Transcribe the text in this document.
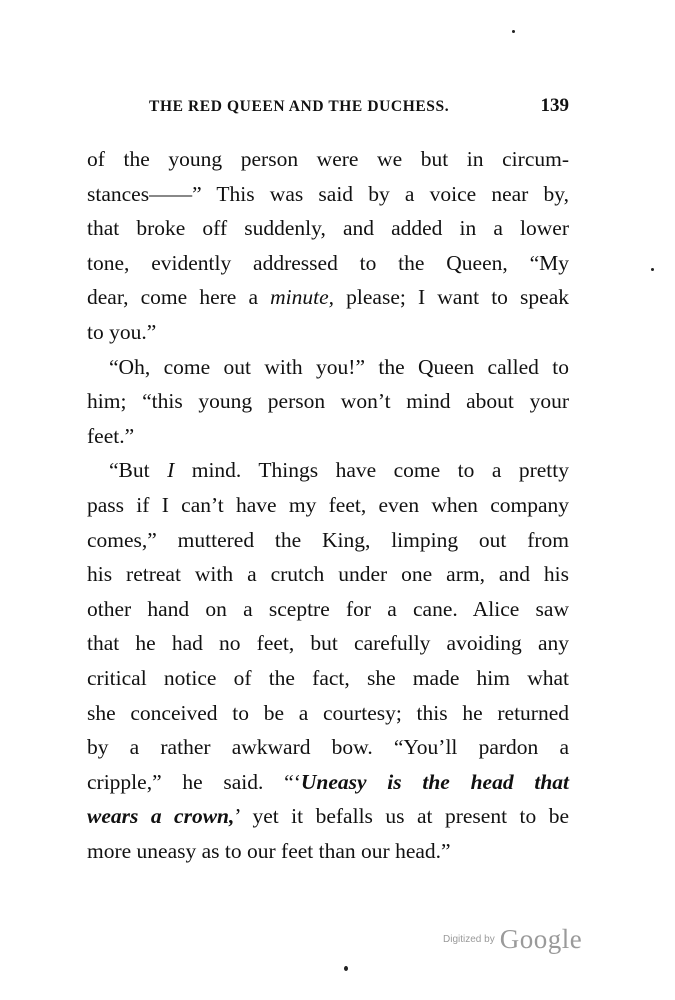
THE RED QUEEN AND THE DUCHESS.	139
of the young person were we but in circum-
stances——” This was said by a voice near by,
that broke off suddenly, and added in a lower
tone, evidently addressed to the Queen, “My
dear, come here a minute, please; I want to speak
to you.”
“Oh, come out with you!” the Queen called to
him; “this young person won’t mind about your
feet.”
“But I mind. Things have come to a pretty
pass if I can’t have my feet, even when company
comes,” muttered the King, limping out from
his retreat with a crutch under one arm, and his
other hand on a sceptre for a cane. Alice saw
that he had no feet, but carefully avoiding any
critical notice of the fact, she made him what
she conceived to be a courtesy; this he returned
by a rather awkward bow. “You’ll pardon a
cripple,” he said. “‘Uneasy is the head that
wears a crown,’ yet it befalls us at present to be
more uneasy as to our feet than our head.”
Digitized by Google
